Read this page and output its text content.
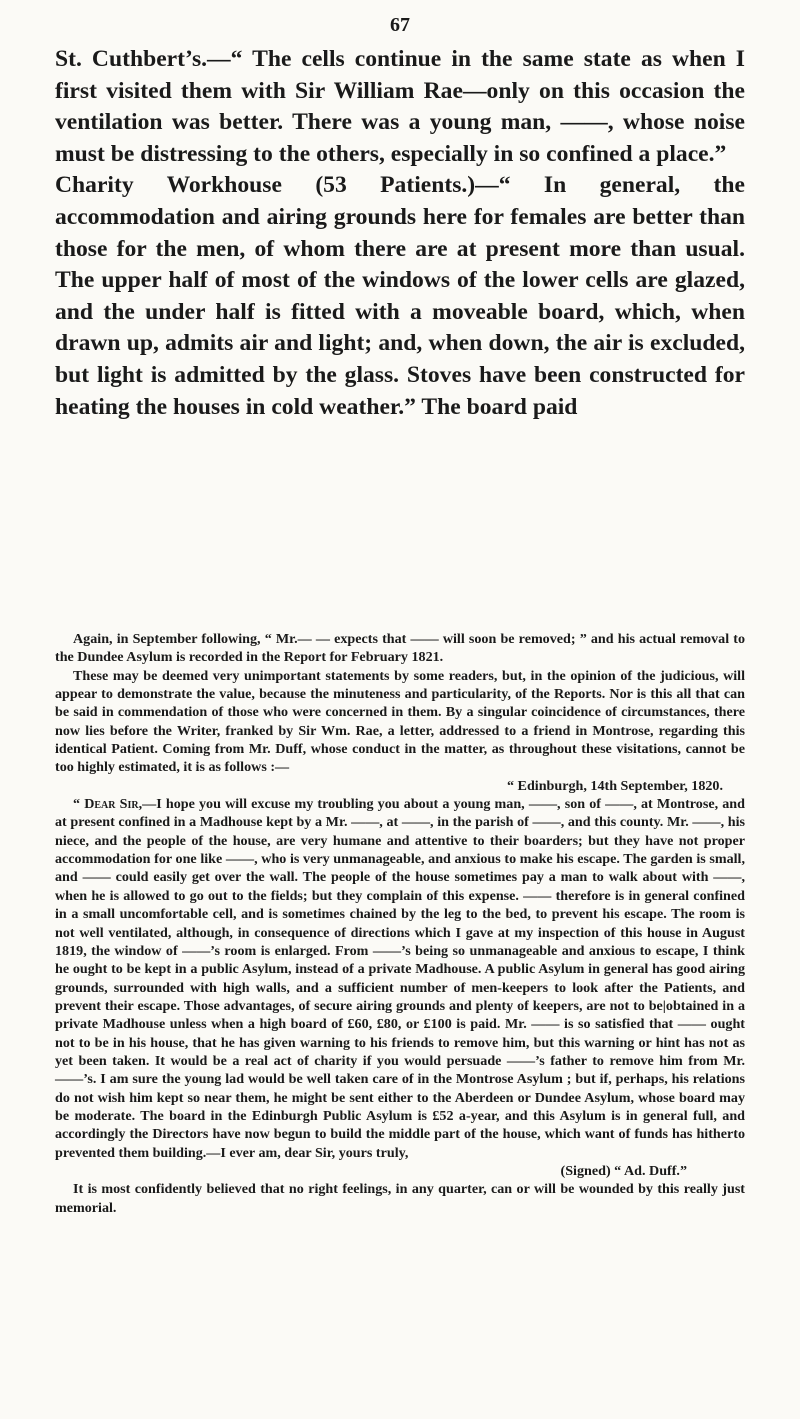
67

St. Cuthbert’s.—“ The cells continue in the same state as when I first visited them with Sir William Rae—only on this occasion the ventilation was better. There was a young man, ——, whose noise must be distressing to the others, especially in so confined a place.”

Charity Workhouse (53 Patients.)—“ In general, the accommodation and airing grounds here for females are better than those for the men, of whom there are at present more than usual. The upper half of most of the windows of the lower cells are glazed, and the under half is fitted with a moveable board, which, when drawn up, admits air and light; and, when down, the air is excluded, but light is admitted by the glass. Stoves have been constructed for heating the houses in cold weather.” The board paid

Again, in September following, “ Mr.— — expects that —— will soon be removed; ” and his actual removal to the Dundee Asylum is recorded in the Report for February 1821.

These may be deemed very unimportant statements by some readers, but, in the opinion of the judicious, will appear to demonstrate the value, because the minuteness and particularity, of the Reports. Nor is this all that can be said in commendation of those who were concerned in them. By a singular coincidence of circumstances, there now lies before the Writer, franked by Sir Wm. Rae, a letter, addressed to a friend in Montrose, regarding this identical Patient. Coming from Mr. Duff, whose conduct in the matter, as throughout these visitations, cannot be too highly estimated, it is as follows :—

“ Edinburgh, 14th September, 1820.

“ Dear Sir,—I hope you will excuse my troubling you about a young man, ——, son of ——, at Montrose, and at present confined in a Madhouse kept by a Mr. ——, at ——, in the parish of ——, and this county. Mr. ——, his niece, and the people of the house, are very humane and attentive to their boarders; but they have not proper accommodation for one like ——, who is very unmanageable, and anxious to make his escape. The garden is small, and —— could easily get over the wall. The people of the house sometimes pay a man to walk about with ——, when he is allowed to go out to the fields; but they complain of this expense. —— therefore is in general confined in a small uncomfortable cell, and is sometimes chained by the leg to the bed, to prevent his escape. The room is not well ventilated, although, in consequence of directions which I gave at my inspection of this house in August 1819, the window of ——’s room is enlarged. From ——’s being so unmanageable and anxious to escape, I think he ought to be kept in a public Asylum, instead of a private Madhouse. A public Asylum in general has good airing grounds, surrounded with high walls, and a sufficient number of men-keepers to look after the Patients, and prevent their escape. Those advantages, of secure airing grounds and plenty of keepers, are not to be|obtained in a private Madhouse unless when a high board of £60, £80, or £100 is paid. Mr. —— is so satisfied that —— ought not to be in his house, that he has given warning to his friends to remove him, but this warning or hint has not as yet been taken. It would be a real act of charity if you would persuade ——’s father to remove him from Mr. ——’s. I am sure the young lad would be well taken care of in the Montrose Asylum ; but if, perhaps, his relations do not wish him kept so near them, he might be sent either to the Aberdeen or Dundee Asylum, whose board may be moderate. The board in the Edinburgh Public Asylum is £52 a-year, and this Asylum is in general full, and accordingly the Directors have now begun to build the middle part of the house, which want of funds has hitherto prevented them building.—I ever am, dear Sir, yours truly,

(Signed) “ Ad. Duff.”

It is most confidently believed that no right feelings, in any quarter, can or will be wounded by this really just memorial.
